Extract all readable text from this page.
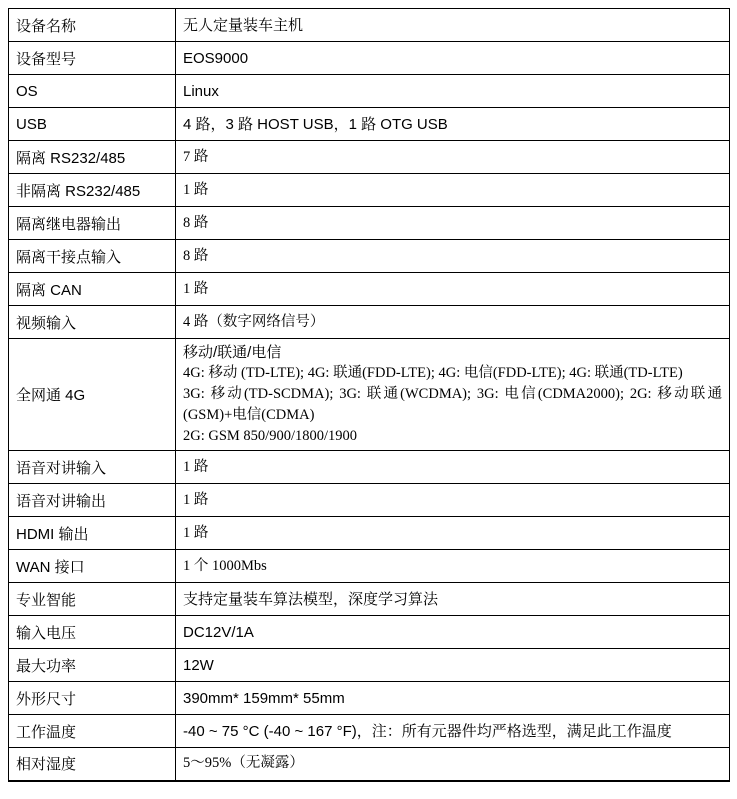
设备名称	无人定量装车主机

设备型号	EOS9000

OS	Linux

USB	4 路，3 路 HOST USB，1 路 OTG USB

隔离 RS232/485	7 路

非隔离 RS232/485	1 路

隔离继电器输出	8 路

隔离干接点输入	8 路

隔离 CAN	1 路

视频输入	4 路（数字网络信号）

全网通 4G	移动/联通/电信
4G: 移动 (TD-LTE); 4G: 联通(FDD-LTE); 4G: 电信(FDD-LTE); 4G: 联通(TD-LTE)
3G: 移动(TD-SCDMA); 3G: 联通(WCDMA); 3G: 电信(CDMA2000); 2G: 移动联通(GSM)+电信(CDMA)
2G: GSM 850/900/1800/1900

语音对讲输入	1 路

语音对讲输出	1 路

HDMI 输出	1 路

WAN 接口	1 个 1000Mbs

专业智能	支持定量装车算法模型，深度学习算法

输入电压	DC12V/1A

最大功率	12W

外形尺寸	390mm* 159mm* 55mm

工作温度	-40 ~ 75 °C (-40 ~ 167 °F)，注：所有元器件均严格选型，满足此工作温度

相对湿度	5～95%（无凝露）
